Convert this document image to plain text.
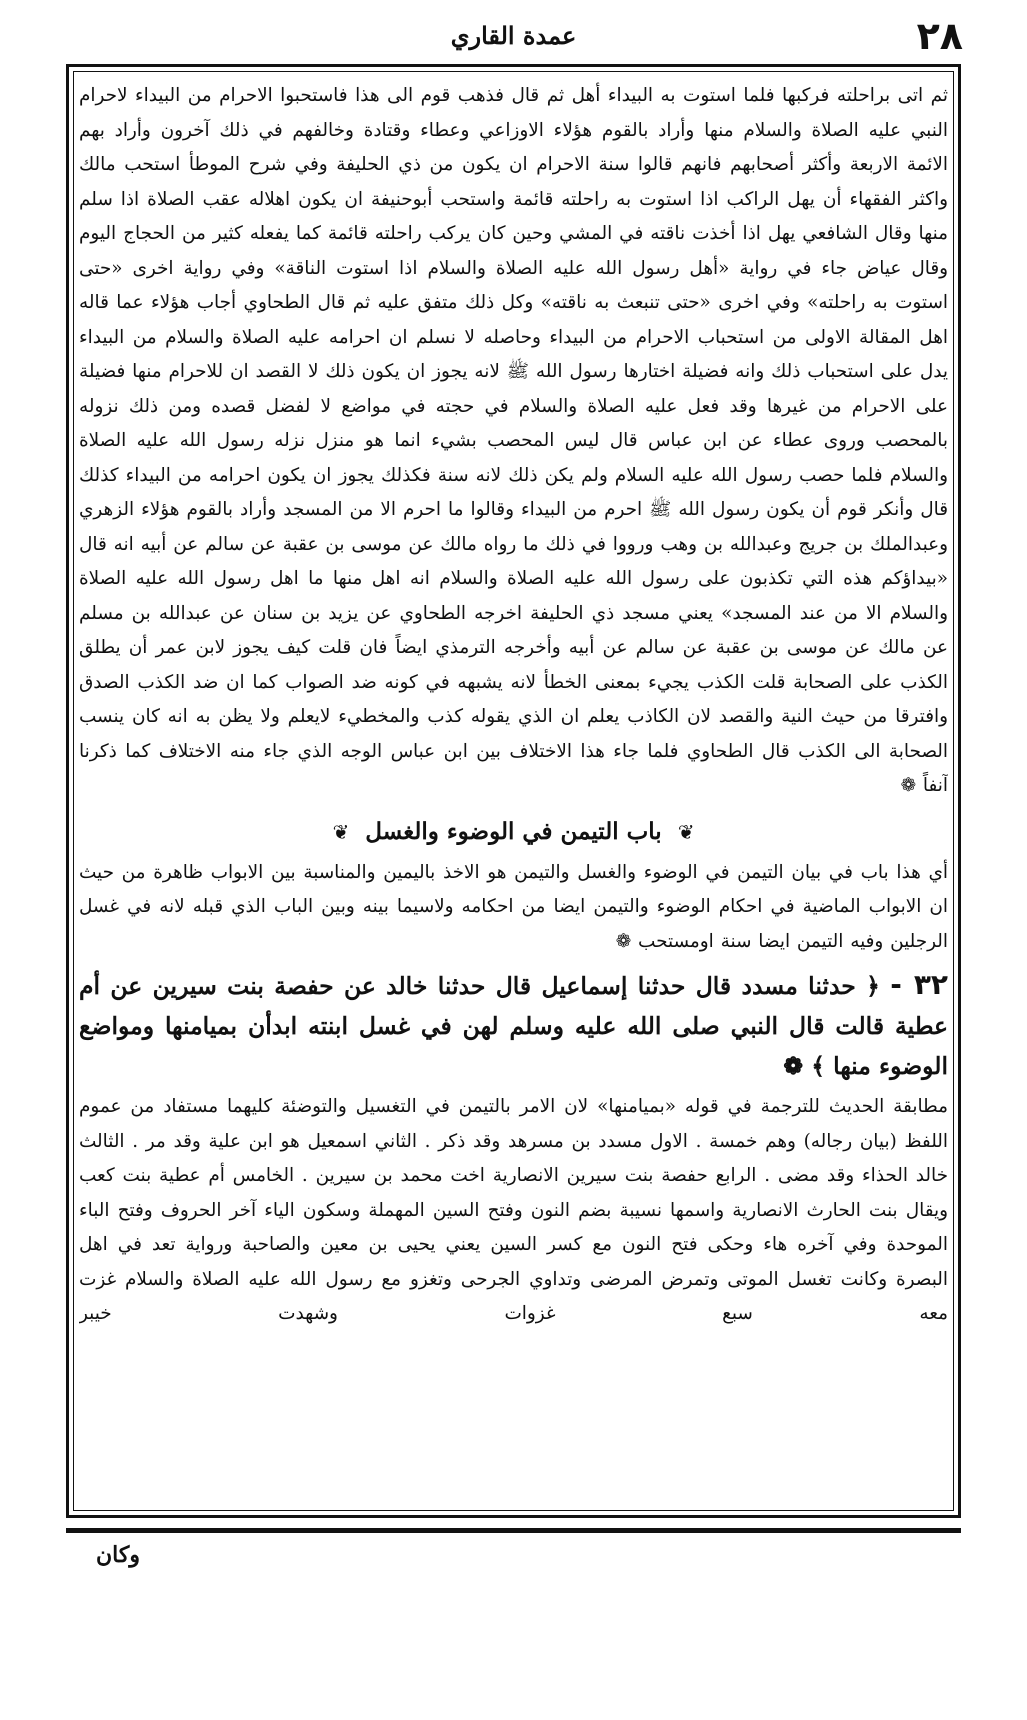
٢٨
عمدة القاري

ثم اتى براحلته فركبها فلما استوت به البيداء أهل ثم قال فذهب قوم الى هذا فاستحبوا الاحرام من البيداء لاحرام النبي عليه الصلاة والسلام منها وأراد بالقوم هؤلاء الاوزاعي وعطاء وقتادة وخالفهم في ذلك آخرون وأراد بهم الائمة الاربعة وأكثر أصحابهم فانهم قالوا سنة الاحرام ان يكون من ذي الحليفة وفي شرح الموطأ استحب مالك واكثر الفقهاء أن يهل الراكب اذا استوت به راحلته قائمة واستحب أبوحنيفة ان يكون اهلاله عقب الصلاة اذا سلم منها وقال الشافعي يهل اذا أخذت ناقته في المشي وحين كان يركب راحلته قائمة كما يفعله كثير من الحجاج اليوم وقال عياض جاء في رواية «أهل رسول الله عليه الصلاة والسلام اذا استوت الناقة» وفي رواية اخرى «حتى استوت به راحلته» وفي اخرى «حتى تنبعث به ناقته» وكل ذلك متفق عليه ثم قال الطحاوي أجاب هؤلاء عما قاله اهل المقالة الاولى من استحباب الاحرام من البيداء وحاصله لا نسلم ان احرامه عليه الصلاة والسلام من البيداء يدل على استحباب ذلك وانه فضيلة اختارها رسول الله ﷺ لانه يجوز ان يكون ذلك لا القصد ان للاحرام منها فضيلة على الاحرام من غيرها وقد فعل عليه الصلاة والسلام في حجته في مواضع لا لفضل قصده ومن ذلك نزوله بالمحصب وروى عطاء عن ابن عباس قال ليس المحصب بشيء انما هو منزل نزله رسول الله عليه الصلاة والسلام فلما حصب رسول الله عليه السلام ولم يكن ذلك لانه سنة فكذلك يجوز ان يكون احرامه من البيداء كذلك قال وأنكر قوم أن يكون رسول الله ﷺ احرم من البيداء وقالوا ما احرم الا من المسجد وأراد بالقوم هؤلاء الزهري وعبدالملك بن جريج وعبدالله بن وهب ورووا في ذلك ما رواه مالك عن موسى بن عقبة عن سالم عن أبيه انه قال «بيداؤكم هذه التي تكذبون على رسول الله عليه الصلاة والسلام انه اهل منها ما اهل رسول الله عليه الصلاة والسلام الا من عند المسجد» يعني مسجد ذي الحليفة اخرجه الطحاوي عن يزيد بن سنان عن عبدالله بن مسلم عن مالك عن موسى بن عقبة عن سالم عن أبيه وأخرجه الترمذي ايضاً فان قلت كيف يجوز لابن عمر أن يطلق الكذب على الصحابة قلت الكذب يجيء بمعنى الخطأ لانه يشبهه في كونه ضد الصواب كما ان ضد الكذب الصدق وافترقا من حيث النية والقصد لان الكاذب يعلم ان الذي يقوله كذب والمخطيء لايعلم ولا يظن به انه كان ينسب الصحابة الى الكذب قال الطحاوي فلما جاء هذا الاختلاف بين ابن عباس الوجه الذي جاء منه الاختلاف كما ذكرنا آنفاً ❁

❦ باب التيمن في الوضوء والغسل ❦

أي هذا باب في بيان التيمن في الوضوء والغسل والتيمن هو الاخذ باليمين والمناسبة بين الابواب ظاهرة من حيث ان الابواب الماضية في احكام الوضوء والتيمن ايضا من احكامه ولاسيما بينه وبين الباب الذي قبله لانه في غسل الرجلين وفيه التيمن ايضا سنة اومستحب ❁

٣٢ - ﴿ حدثنا مسدد قال حدثنا إسماعيل قال حدثنا خالد عن حفصة بنت سيرين عن أم عطية قالت قال النبي صلى الله عليه وسلم لهن في غسل ابنته ابدأن بميامنها ومواضع الوضوء منها ﴾ ❁

مطابقة الحديث للترجمة في قوله «بميامنها» لان الامر بالتيمن في التغسيل والتوضئة كليهما مستفاد من عموم اللفظ (بيان رجاله) وهم خمسة . الاول مسدد بن مسرهد وقد ذكر . الثاني اسمعيل هو ابن علية وقد مر . الثالث خالد الحذاء وقد مضى . الرابع حفصة بنت سيرين الانصارية اخت محمد بن سيرين . الخامس أم عطية بنت كعب ويقال بنت الحارث الانصارية واسمها نسيبة بضم النون وفتح السين المهملة وسكون الياء آخر الحروف وفتح الباء الموحدة وفي آخره هاء وحكى فتح النون مع كسر السين يعني يحيى بن معين والصاحبة ورواية تعد في اهل البصرة وكانت تغسل الموتى وتمرض المرضى وتداوي الجرحى وتغزو مع رسول الله عليه الصلاة والسلام غزت معه سبع غزوات وشهدت خيبر

وكان
